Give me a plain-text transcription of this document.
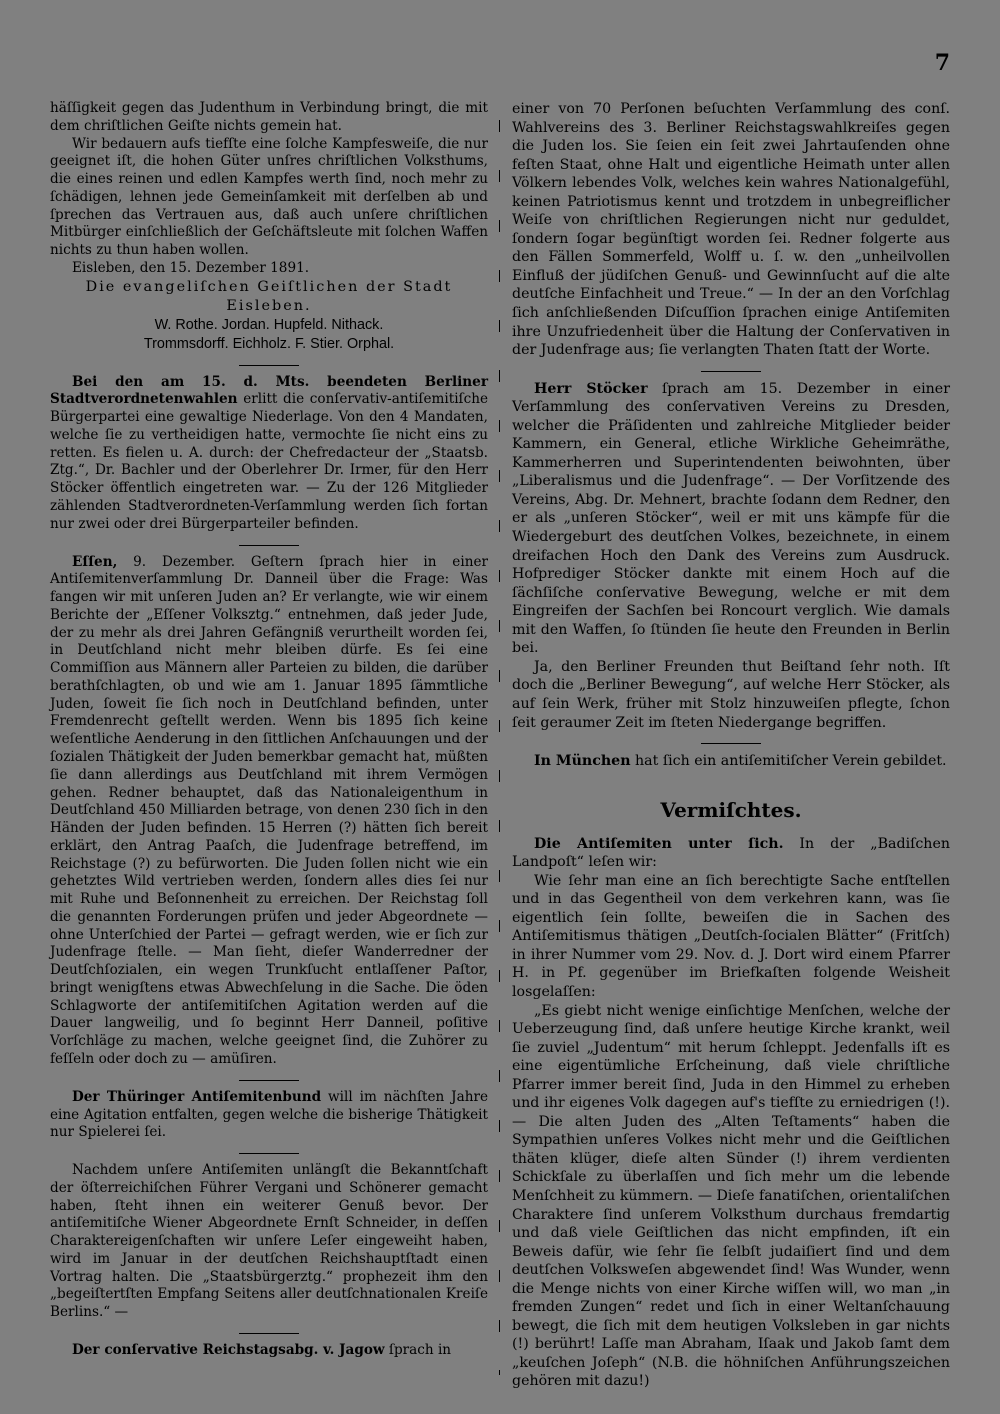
7

häſſigkeit gegen das Judenthum in Verbindung bringt, die mit dem chriſtlichen Geiſte nichts gemein hat.

Wir bedauern aufs tiefſte eine ſolche Kampfesweiſe, die nur geeignet iſt, die hohen Güter unſres chriſtlichen Volksthums, die eines reinen und edlen Kampfes werth ſind, noch mehr zu ſchädigen, lehnen jede Gemeinſamkeit mit derſelben ab und ſprechen das Vertrauen aus, daß auch unſere chriſtlichen Mitbürger einſchließlich der Geſchäftsleute mit ſolchen Waffen nichts zu thun haben wollen.

Eisleben, den 15. Dezember 1891.

Die evangeliſchen Geiſtlichen der Stadt Eisleben.
W. Rothe. Jordan. Hupfeld. Nithack.
Trommsdorff. Eichholz. F. Stier. Orphal.

Bei den am 15. d. Mts. beendeten Berliner Stadtverordnetenwahlen erlitt die conſervativ-antiſemitiſche Bürgerpartei eine gewaltige Niederlage. Von den 4 Mandaten, welche ſie zu vertheidigen hatte, vermochte ſie nicht eins zu retten. Es fielen u. A. durch: der Chefredacteur der „Staatsb. Ztg.“, Dr. Bachler und der Oberlehrer Dr. Irmer, für den Herr Stöcker öffentlich eingetreten war. — Zu der 126 Mitglieder zählenden Stadtverordneten-Verſammlung werden ſich fortan nur zwei oder drei Bürgerparteiler befinden.

Eſſen, 9. Dezember. Geſtern ſprach hier in einer Antiſemitenverſammlung Dr. Danneil über die Frage: Was fangen wir mit unſeren Juden an? Er verlangte, wie wir einem Berichte der „Eſſener Volksztg.“ entnehmen, daß jeder Jude, der zu mehr als drei Jahren Gefängniß verurtheilt worden ſei, in Deutſchland nicht mehr bleiben dürfe. Es ſei eine Commiſſion aus Männern aller Parteien zu bilden, die darüber berathſchlagten, ob und wie am 1. Januar 1895 ſämmtliche Juden, ſoweit ſie ſich noch in Deutſchland befinden, unter Fremdenrecht geſtellt werden. Wenn bis 1895 ſich keine weſentliche Aenderung in den ſittlichen Anſchauungen und der ſozialen Thätigkeit der Juden bemerkbar gemacht hat, müßten ſie dann allerdings aus Deutſchland mit ihrem Vermögen gehen. Redner behauptet, daß das Nationaleigenthum in Deutſchland 450 Milliarden betrage, von denen 230 ſich in den Händen der Juden befinden. 15 Herren (?) hätten ſich bereit erklärt, den Antrag Paaſch, die Judenfrage betreffend, im Reichstage (?) zu befürworten. Die Juden ſollen nicht wie ein gehetztes Wild vertrieben werden, ſondern alles dies ſei nur mit Ruhe und Beſonnenheit zu erreichen. Der Reichstag ſoll die genannten Forderungen prüfen und jeder Abgeordnete — ohne Unterſchied der Partei — gefragt werden, wie er ſich zur Judenfrage ſtelle. — Man ſieht, dieſer Wanderredner der Deutſchſozialen, ein wegen Trunkſucht entlaſſener Paſtor, bringt wenigſtens etwas Abwechſelung in die Sache. Die öden Schlagworte der antiſemitiſchen Agitation werden auf die Dauer langweilig, und ſo beginnt Herr Danneil, poſitive Vorſchläge zu machen, welche geeignet ſind, die Zuhörer zu feſſeln oder doch zu — amüſiren.

Der Thüringer Antiſemitenbund will im nächſten Jahre eine Agitation entfalten, gegen welche die bisherige Thätigkeit nur Spielerei ſei.

Nachdem unſere Antiſemiten unlängſt die Bekanntſchaft der öſterreichiſchen Führer Vergani und Schönerer gemacht haben, ſteht ihnen ein weiterer Genuß bevor. Der antiſemitiſche Wiener Abgeordnete Ernſt Schneider, in deſſen Charaktereigenſchaften wir unſere Leſer eingeweiht haben, wird im Januar in der deutſchen Reichshauptſtadt einen Vortrag halten. Die „Staatsbürgerztg.“ prophezeit ihm den „begeiſtertſten Empfang Seitens aller deutſchnationalen Kreiſe Berlins.“ —

Der conſervative Reichstagsabg. v. Jagow ſprach in

einer von 70 Perſonen beſuchten Verſammlung des conſ. Wahlvereins des 3. Berliner Reichstagswahlkreiſes gegen die Juden los. Sie ſeien ein ſeit zwei Jahrtauſenden ohne feſten Staat, ohne Halt und eigentliche Heimath unter allen Völkern lebendes Volk, welches kein wahres Nationalgefühl, keinen Patriotismus kennt und trotzdem in unbegreiflicher Weiſe von chriſtlichen Regierungen nicht nur geduldet, ſondern ſogar begünſtigt worden ſei. Redner folgerte aus den Fällen Sommerfeld, Wolff u. ſ. w. den „unheilvollen Einfluß der jüdiſchen Genuß- und Gewinnſucht auf die alte deutſche Einfachheit und Treue.“ — In der an den Vorſchlag ſich anſchließenden Diſcuſſion ſprachen einige Antiſemiten ihre Unzufriedenheit über die Haltung der Conſervativen in der Judenfrage aus; ſie verlangten Thaten ſtatt der Worte.

Herr Stöcker ſprach am 15. Dezember in einer Verſammlung des conſervativen Vereins zu Dresden, welcher die Präſidenten und zahlreiche Mitglieder beider Kammern, ein General, etliche Wirkliche Geheimräthe, Kammerherren und Superintendenten beiwohnten, über „Liberalismus und die Judenfrage“. — Der Vorſitzende des Vereins, Abg. Dr. Mehnert, brachte ſodann dem Redner, den er als „unſeren Stöcker“, weil er mit uns kämpfe für die Wiedergeburt des deutſchen Volkes, bezeichnete, in einem dreifachen Hoch den Dank des Vereins zum Ausdruck. Hofprediger Stöcker dankte mit einem Hoch auf die ſächſiſche conſervative Bewegung, welche er mit dem Eingreifen der Sachſen bei Roncourt verglich. Wie damals mit den Waffen, ſo ſtünden ſie heute den Freunden in Berlin bei.

Ja, den Berliner Freunden thut Beiſtand ſehr noth. Iſt doch die „Berliner Bewegung“, auf welche Herr Stöcker, als auf ſein Werk, früher mit Stolz hinzuweiſen pflegte, ſchon ſeit geraumer Zeit im ſteten Niedergange begriffen.

In München hat ſich ein antiſemitiſcher Verein gebildet.

Vermiſchtes.

Die Antiſemiten unter ſich. In der „Badiſchen Landpoſt“ leſen wir:

Wie ſehr man eine an ſich berechtigte Sache entſtellen und in das Gegentheil von dem verkehren kann, was ſie eigentlich ſein ſollte, beweiſen die in Sachen des Antiſemitismus thätigen „Deutſch-ſocialen Blätter“ (Fritſch) in ihrer Nummer vom 29. Nov. d. J. Dort wird einem Pfarrer H. in Pf. gegenüber im Briefkaſten folgende Weisheit losgelaſſen:

„Es giebt nicht wenige einſichtige Menſchen, welche der Ueberzeugung ſind, daß unſere heutige Kirche krankt, weil ſie zuviel „Judentum“ mit herum ſchleppt. Jedenfalls iſt es eine eigentümliche Erſcheinung, daß viele chriſtliche Pfarrer immer bereit ſind, Juda in den Himmel zu erheben und ihr eigenes Volk dagegen auf's tiefſte zu erniedrigen (!). — Die alten Juden des „Alten Teſtaments“ haben die Sympathien unſeres Volkes nicht mehr und die Geiſtlichen thäten klüger, dieſe alten Sünder (!) ihrem verdienten Schickſale zu überlaſſen und ſich mehr um die lebende Menſchheit zu kümmern. — Dieſe fanatiſchen, orientaliſchen Charaktere ſind unſerem Volksthum durchaus fremdartig und daß viele Geiſtlichen das nicht empfinden, iſt ein Beweis dafür, wie ſehr ſie ſelbſt judaiſiert ſind und dem deutſchen Volksweſen abgewendet ſind! Was Wunder, wenn die Menge nichts von einer Kirche wiſſen will, wo man „in fremden Zungen“ redet und ſich in einer Weltanſchauung bewegt, die ſich mit dem heutigen Volksleben in gar nichts (!) berührt! Laſſe man Abraham, Iſaak und Jakob ſamt dem „keuſchen Joſeph“ (N.B. die höhniſchen Anführungszeichen gehören mit dazu!)
